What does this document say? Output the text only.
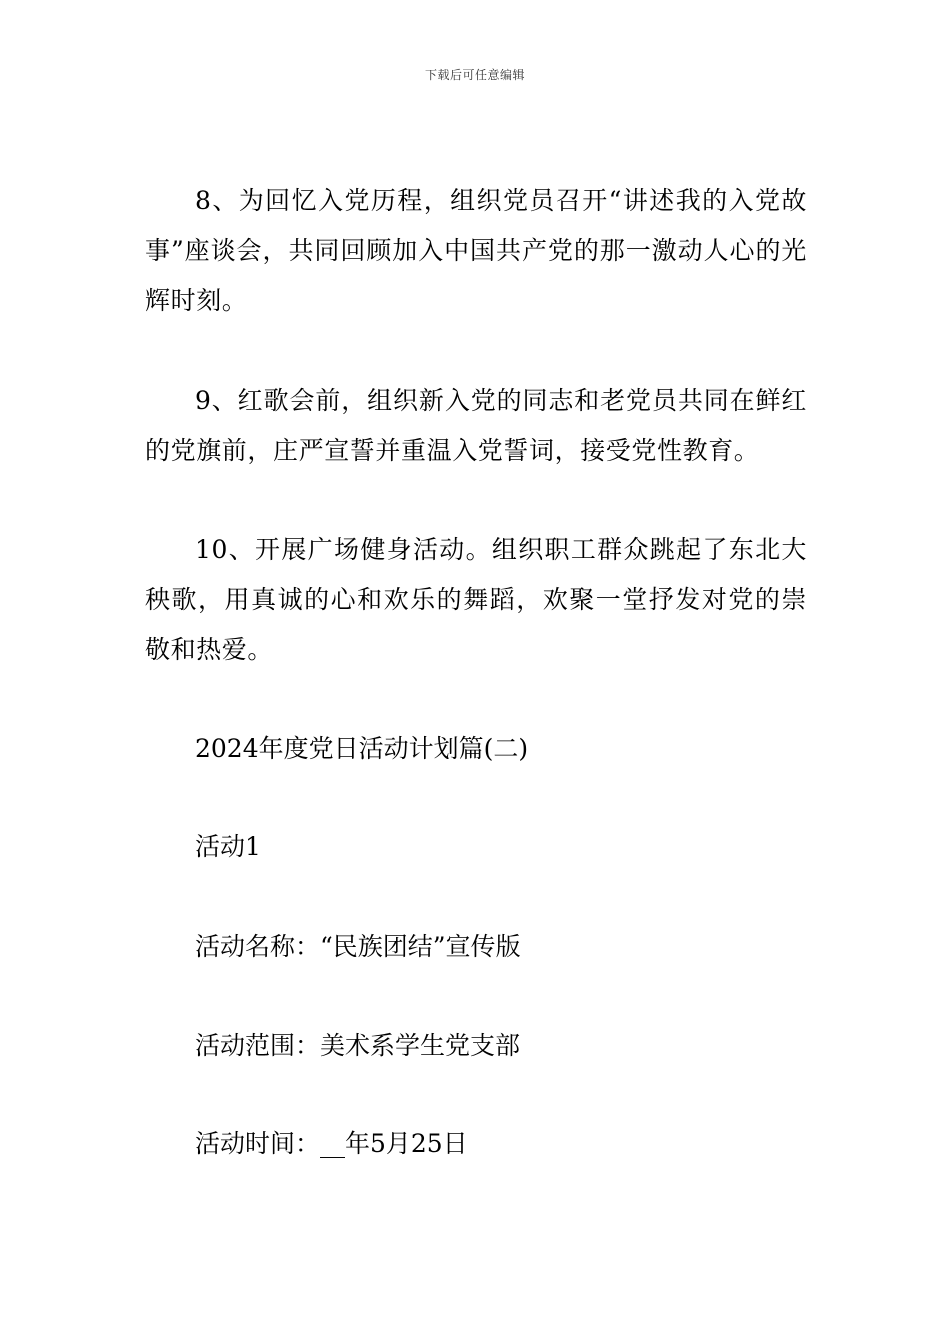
下载后可任意编辑

8、为回忆入党历程，组织党员召开“讲述我的入党故事”座谈会，共同回顾加入中国共产党的那一激动人心的光辉时刻。

9、红歌会前，组织新入党的同志和老党员共同在鲜红的党旗前，庄严宣誓并重温入党誓词，接受党性教育。

10、开展广场健身活动。组织职工群众跳起了东北大秧歌，用真诚的心和欢乐的舞蹈，欢聚一堂抒发对党的崇敬和热爱。

2024年度党日活动计划篇(二)

活动1

活动名称：“民族团结”宣传版

活动范围：美术系学生党支部

活动时间：__年5月25日
